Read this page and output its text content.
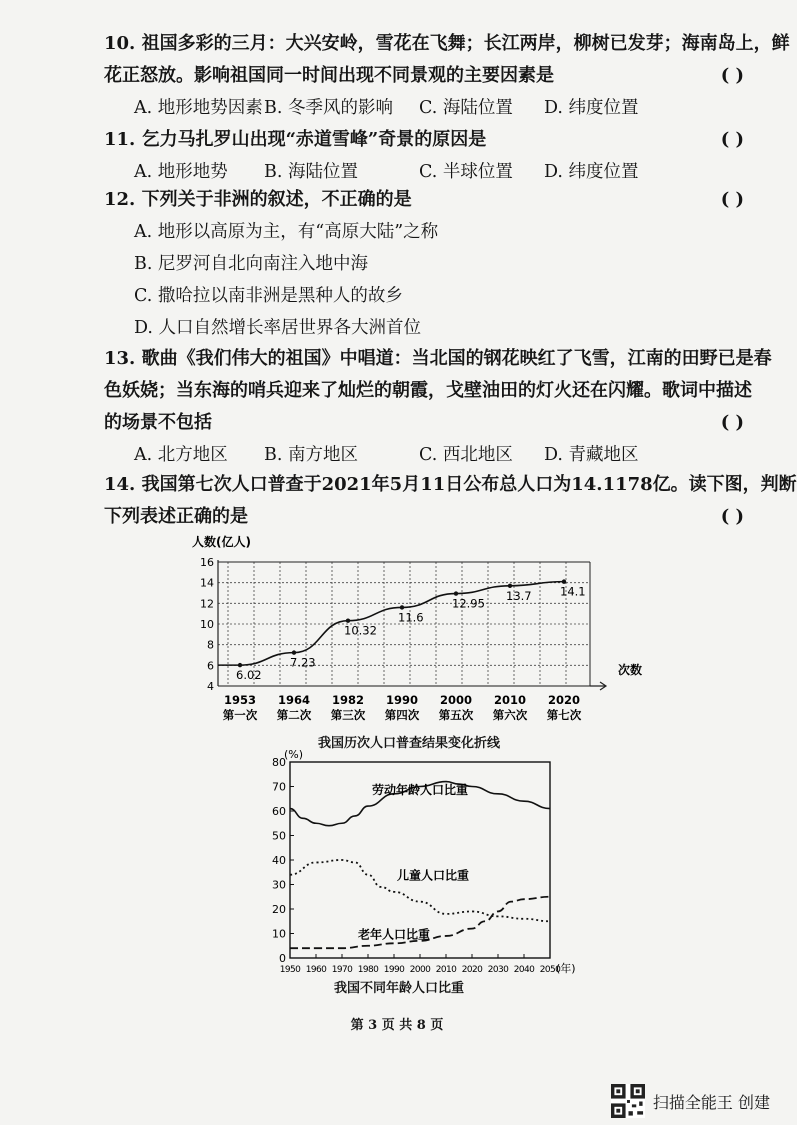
10. 祖国多彩的三月：大兴安岭，雪花在飞舞；长江两岸，柳树已发芽；海南岛上，鲜
花正怒放。影响祖国同一时间出现不同景观的主要因素是	( )
A. 地形地势因素 B. 冬季风的影响	C. 海陆位置	D. 纬度位置
11. 乞力马扎罗山出现“赤道雪峰”奇景的原因是	( )
A. 地形地势	B. 海陆位置	C. 半球位置	D. 纬度位置
12. 下列关于非洲的叙述，不正确的是	( )
A. 地形以高原为主，有“高原大陆”之称
B. 尼罗河自北向南注入地中海
C. 撒哈拉以南非洲是黑种人的故乡
D. 人口自然增长率居世界各大洲首位
13. 歌曲《我们伟大的祖国》中唱道：当北国的钢花映红了飞雪，江南的田野已是春
色妖娆；当东海的哨兵迎来了灿烂的朝霞，戈壁油田的灯火还在闪耀。歌词中描述
的场景不包括	( )
A. 北方地区	B. 南方地区	C. 西北地区	D. 青藏地区
14. 我国第七次人口普查于2021年5月11日公布总人口为14.1178亿。读下图，判断
下列表述正确的是	( )
4
6
8
10
12
14
16
人数(亿人)
次数
6.02
1953
第一次
7.23
1964
第二次
10.32
1982
第三次
11.6
1990
第四次
12.95
2000
第五次
13.7
2010
第六次
14.1
2020
第七次
我国历次人口普查结果变化折线
0
10
20
30
40
50
60
70
80
1950 1960 1970 1980 1990 2000 2010 2020 2030 2040 2050
(%)
(年)
劳动年龄人口比重
儿童人口比重
老年人口比重
我国不同年龄人口比重
第 3 页 共 8 页
扫描全能王 创建
